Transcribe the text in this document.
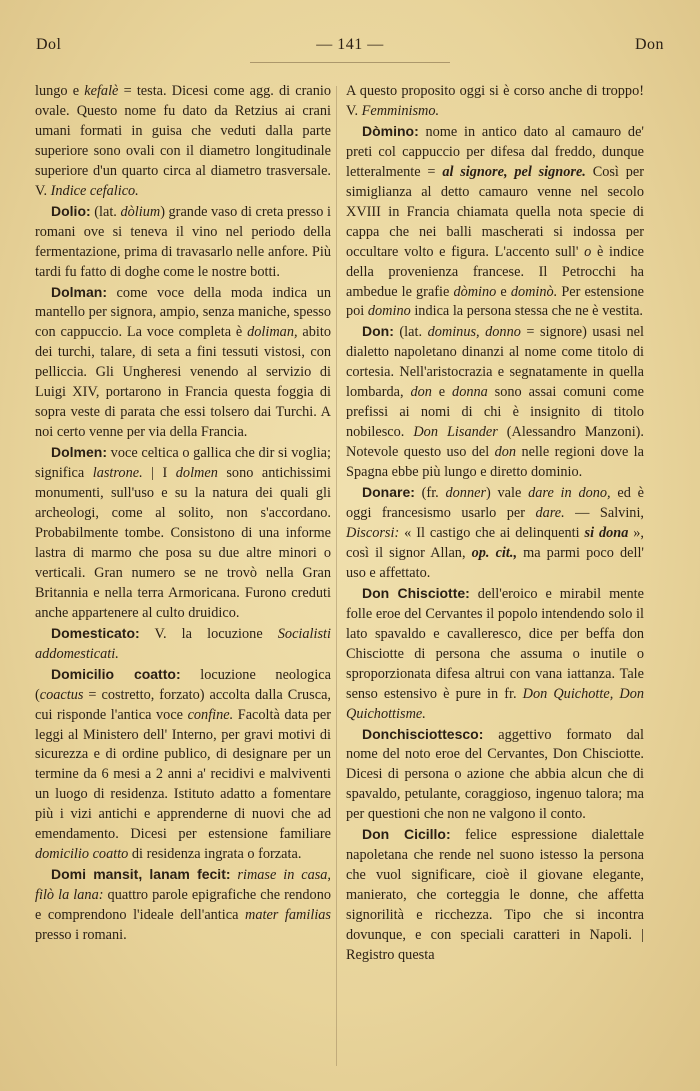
Dol	— 141 —	Don

lungo e kefalè = testa. Dicesi come agg. di cranio ovale. Questo nome fu dato da Retzius ai crani umani formati in guisa che veduti dalla parte superiore sono ovali con il diametro longitudinale superiore d'un quarto circa al diametro trasversale. V. Indice cefalico.

Dolio: (lat. dòlium) grande vaso di creta presso i romani ove si teneva il vino nel periodo della fermentazione, prima di travasarlo nelle anfore. Più tardi fu fatto di doghe come le nostre botti.

Dolman: come voce della moda indica un mantello per signora, ampio, senza maniche, spesso con cappuccio. La voce completa è doliman, abito dei turchi, talare, di seta a fini tessuti vistosi, con pelliccia. Gli Ungheresi venendo al servizio di Luigi XIV, portarono in Francia questa foggia di sopra veste di parata che essi tolsero dai Turchi. A noi certo venne per via della Francia.

Dolmen: voce celtica o gallica che dir si voglia; significa lastrone. | I dolmen sono antichissimi monumenti, sull'uso e su la natura dei quali gli archeologi, come al solito, non s'accordano. Probabilmente tombe. Consistono di una informe lastra di marmo che posa su due altre minori o verticali. Gran numero se ne trovò nella Gran Britannia e nella terra Armoricana. Furono creduti anche appartenere al culto druidico.

Domesticato: V. la locuzione Socialisti addomesticati.

Domicilio coatto: locuzione neologica (coactus = costretto, forzato) accolta dalla Crusca, cui risponde l'antica voce confine. Facoltà data per leggi al Ministero dell' Interno, per gravi motivi di sicurezza e di ordine publico, di designare per un termine da 6 mesi a 2 anni a' recidivi e malviventi un luogo di residenza. Istituto adatto a fomentare più i vizi antichi e apprenderne di nuovi che ad emendamento. Dicesi per estensione familiare domicilio coatto di residenza ingrata o forzata.

Domi mansit, lanam fecit: rimase in casa, filò la lana: quattro parole epigrafiche che rendono e comprendono l'ideale dell'antica mater familias presso i romani.

A questo proposito oggi si è corso anche di troppo! V. Femminismo.

Dòmino: nome in antico dato al camauro de' preti col cappuccio per difesa dal freddo, dunque letteralmente = al signore, pel signore. Così per simiglianza al detto camauro venne nel secolo XVIII in Francia chiamata quella nota specie di cappa che nei balli mascherati si indossa per occultare volto e figura. L'accento sull' o è indice della provenienza francese. Il Petrocchi ha ambedue le grafie dòmino e dominò. Per estensione poi domino indica la persona stessa che ne è vestita.

Don: (lat. dominus, donno = signore) usasi nel dialetto napoletano dinanzi al nome come titolo di cortesia. Nell'aristocrazia e segnatamente in quella lombarda, don e donna sono assai comuni come prefissi ai nomi di chi è insignito di titolo nobilesco. Don Lisander (Alessandro Manzoni). Notevole questo uso del don nelle regioni dove la Spagna ebbe più lungo e diretto dominio.

Donare: (fr. donner) vale dare in dono, ed è oggi francesismo usarlo per dare. — Salvini, Discorsi: « Il castigo che ai delinquenti si dona », così il signor Allan, op. cit., ma parmi poco dell' uso e affettato.

Don Chisciotte: dell'eroico e mirabil mente folle eroe del Cervantes il popolo intendendo solo il lato spavaldo e cavalleresco, dice per beffa don Chisciotte di persona che assuma o inutile o sproporzionata difesa altrui con vana iattanza. Tale senso estensivo è pure in fr. Don Quichotte, Don Quichottisme.

Donchisciottesco: aggettivo formato dal nome del noto eroe del Cervantes, Don Chisciotte. Dicesi di persona o azione che abbia alcun che di spavaldo, petulante, coraggioso, ingenuo talora; ma per questioni che non ne valgono il conto.

Don Cicillo: felice espressione dialettale napoletana che rende nel suono istesso la persona che vuol significare, cioè il giovane elegante, manierato, che corteggia le donne, che affetta signorilità e ricchezza. Tipo che si incontra dovunque, e con speciali caratteri in Napoli. | Registro questa
